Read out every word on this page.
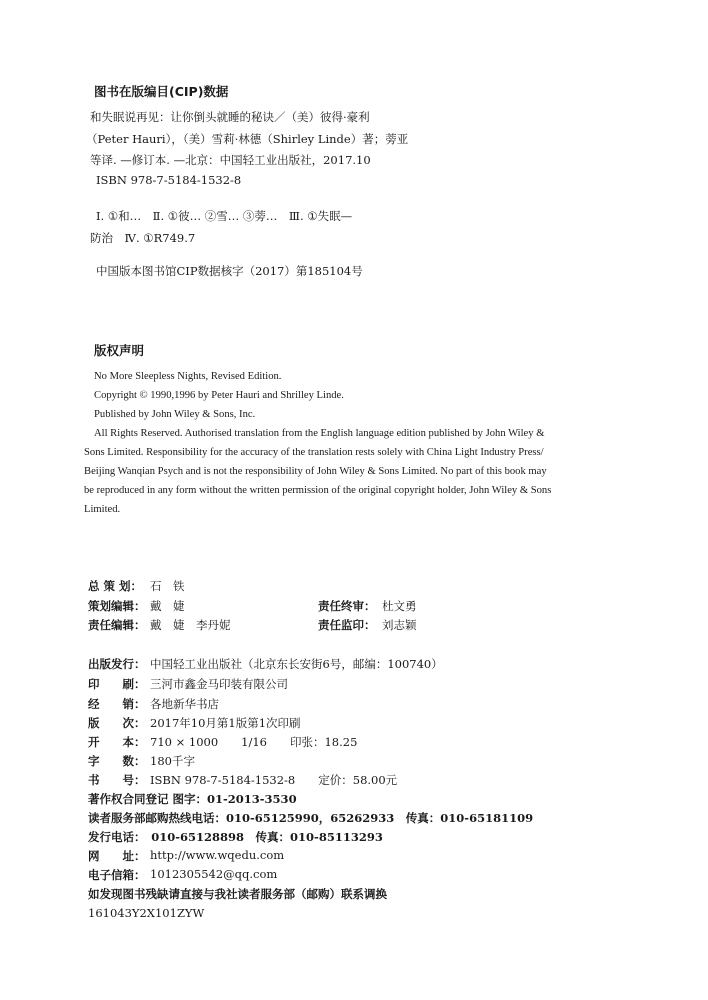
图书在版编目(CIP)数据
和失眠说再见：让你倒头就睡的秘诀／（美）彼得·豪利
（Peter Hauri），（美）雪莉·林德（Shirley Linde）著；蒡亚
等译. —修订本. —北京：中国轻工业出版社，2017.10
ISBN 978-7-5184-1532-8
Ⅰ. ①和…　Ⅱ. ①彼… ②雪… ③蒡…　Ⅲ. ①失眠—
防治　Ⅳ. ①R749.7
中国版本图书馆CIP数据核字（2017）第185104号
版权声明
No More Sleepless Nights, Revised Edition.
Copyright © 1990,1996 by Peter Hauri and Shrilley Linde.
Published by John Wiley & Sons, Inc.
All Rights Reserved. Authorised translation from the English language edition published by John Wiley &
Sons Limited. Responsibility for the accuracy of the translation rests solely with China Light Industry Press/
Beijing Wanqian Psych and is not the responsibility of John Wiley & Sons Limited. No part of this book may
be reproduced in any form without the written permission of the original copyright holder, John Wiley & Sons
Limited.
总 策 划： 石　铁
策划编辑： 戴　婕	责任终审： 杜文勇
责任编辑： 戴　婕　李丹妮	责任监印： 刘志颖
出版发行： 中国轻工业出版社（北京东长安街6号，邮编：100740）
印　　刷： 三河市鑫金马印装有限公司
经　　销： 各地新华书店
版　　次： 2017年10月第1版第1次印刷
开　　本： 710 × 1000　　1/16　　印张：18.25
字　　数： 180千字
书　　号： ISBN 978-7-5184-1532-8　　定价：58.00元
著作权合同登记 图字：01-2013-3530
读者服务部邮购热线电话：010-65125990，65262933　传真：010-65181109
发行电话：　010-65128898　传真：010-85113293
网　　址： http://www.wqedu.com
电子信箱： 1012305542@qq.com
如发现图书残缺请直接与我社读者服务部（邮购）联系调换
161043Y2X101ZYW
